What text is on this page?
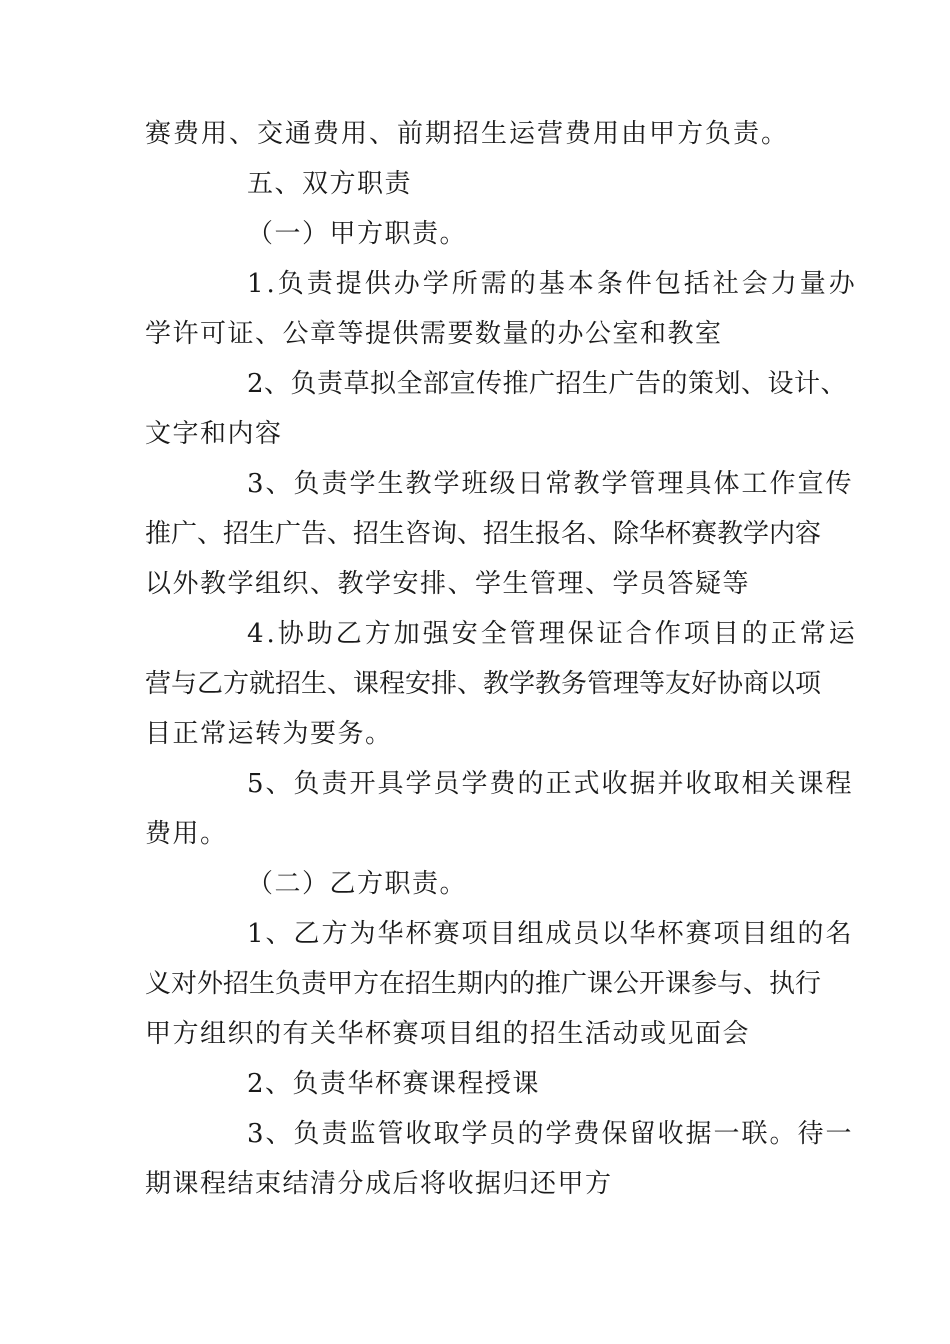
赛费用、交通费用、前期招生运营费用由甲方负责。
五、双方职责
（一）甲方职责。
1.负责提供办学所需的基本条件包括社会力量办
学许可证、公章等提供需要数量的办公室和教室
2、负责草拟全部宣传推广招生广告的策划、设计、
文字和内容
3、负责学生教学班级日常教学管理具体工作宣传
推广、招生广告、招生咨询、招生报名、除华杯赛教学内容
以外教学组织、教学安排、学生管理、学员答疑等
4.协助乙方加强安全管理保证合作项目的正常运
营与乙方就招生、课程安排、教学教务管理等友好协商以项
目正常运转为要务。
5、负责开具学员学费的正式收据并收取相关课程
费用。
（二）乙方职责。
1、乙方为华杯赛项目组成员以华杯赛项目组的名
义对外招生负责甲方在招生期内的推广课公开课参与、执行
甲方组织的有关华杯赛项目组的招生活动或见面会
2、负责华杯赛课程授课
3、负责监管收取学员的学费保留收据一联。待一
期课程结束结清分成后将收据归还甲方
